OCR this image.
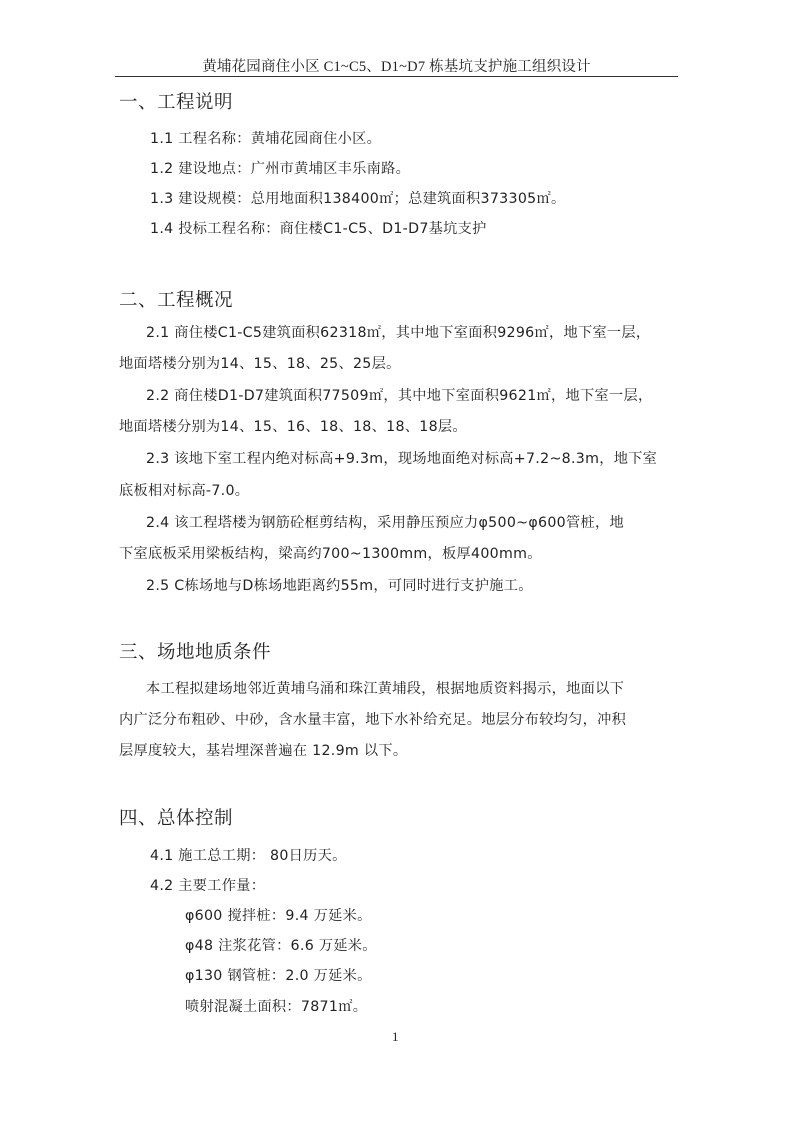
黄埔花园商住小区 C1~C5、D1~D7 栋基坑支护施工组织设计
一、工程说明
1.1 工程名称：黄埔花园商住小区。
1.2 建设地点：广州市黄埔区丰乐南路。
1.3 建设规模：总用地面积138400㎡；总建筑面积373305㎡。
1.4 投标工程名称：商住楼C1-C5、D1-D7基坑支护
二、工程概况
2.1 商住楼C1-C5建筑面积62318㎡，其中地下室面积9296㎡，地下室一层，
地面塔楼分别为14、15、18、25、25层。
2.2 商住楼D1-D7建筑面积77509㎡，其中地下室面积9621㎡，地下室一层，
地面塔楼分别为14、15、16、18、18、18、18层。
2.3 该地下室工程内绝对标高+9.3m，现场地面绝对标高+7.2~8.3m，地下室
底板相对标高-7.0。
2.4 该工程塔楼为钢筋砼框剪结构，采用静压预应力φ500~φ600管桩，地
下室底板采用梁板结构，梁高约700~1300mm，板厚400mm。
2.5 C栋场地与D栋场地距离约55m，可同时进行支护施工。
三、场地地质条件
本工程拟建场地邻近黄埔乌涌和珠江黄埔段，根据地质资料揭示，地面以下
内广泛分布粗砂、中砂，含水量丰富，地下水补给充足。地层分布较均匀，冲积
层厚度较大，基岩埋深普遍在 12.9m 以下。
四、总体控制
4.1 施工总工期： 80日历天。
4.2 主要工作量：
φ600 搅拌桩：9.4 万延米。
φ48 注浆花管：6.6 万延米。
φ130 钢管桩：2.0 万延米。
喷射混凝土面积：7871㎡。
1
